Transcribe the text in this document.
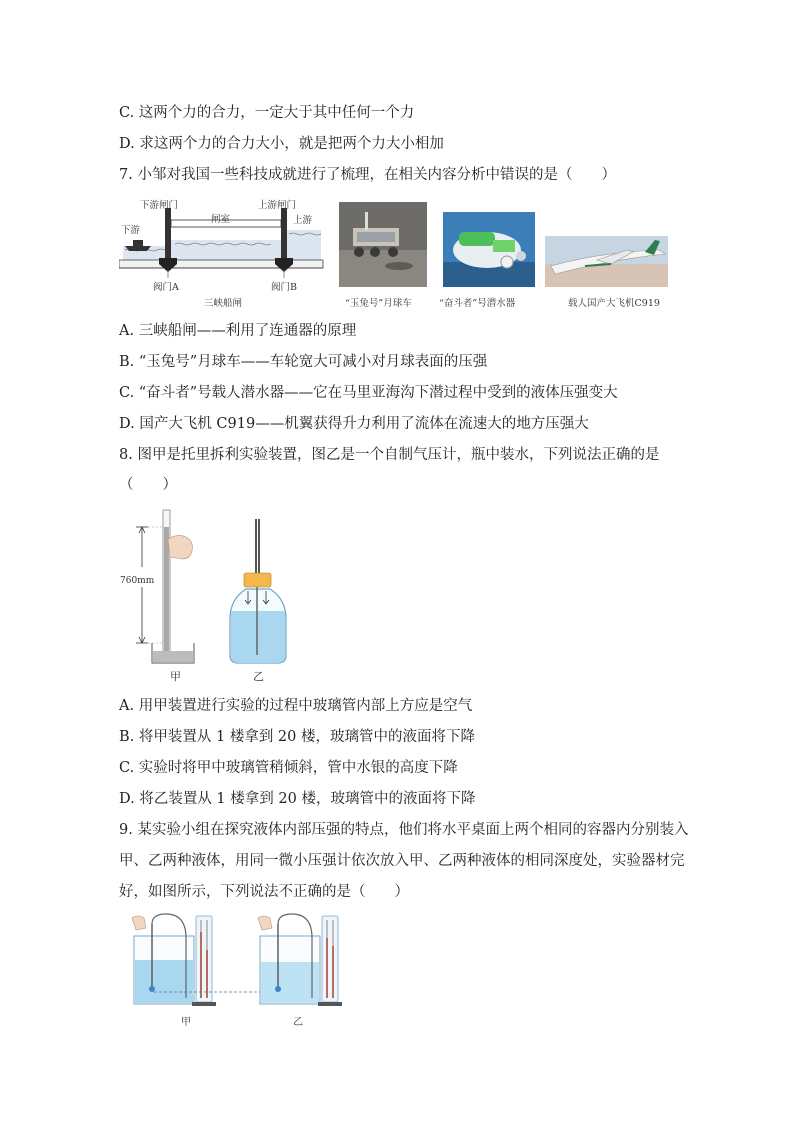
C. 这两个力的合力，一定大于其中任何一个力
D. 求这两个力的合力大小，就是把两个力大小相加
7. 小邹对我国一些科技成就进行了梳理，在相关内容分析中错误的是（　　）
下游闸门
闸室
上游闸门
下游
上游
阀门A	阀门B
三峡船闸	“玉兔号”月球车	“奋斗者”号潜水器	载人国产大飞机C919
A. 三峡船闸——利用了连通器的原理
B. “玉兔号”月球车——车轮宽大可减小对月球表面的压强
C. “奋斗者”号载人潜水器——它在马里亚海沟下潜过程中受到的液体压强变大
D. 国产大飞机 C919——机翼获得升力利用了流体在流速大的地方压强大
8. 图甲是托里拆利实验装置，图乙是一个自制气压计，瓶中装水，下列说法正确的是
（　　）
760mm
甲	乙
A. 用甲装置进行实验的过程中玻璃管内部上方应是空气
B. 将甲装置从 1 楼拿到 20 楼，玻璃管中的液面将下降
C. 实验时将甲中玻璃管稍倾斜，管中水银的高度下降
D. 将乙装置从 1 楼拿到 20 楼，玻璃管中的液面将下降
9. 某实验小组在探究液体内部压强的特点，他们将水平桌面上两个相同的容器内分别装入
甲、乙两种液体，用同一微小压强计依次放入甲、乙两种液体的相同深度处，实验器材完
好，如图所示，下列说法不正确的是（　　）
甲	乙
